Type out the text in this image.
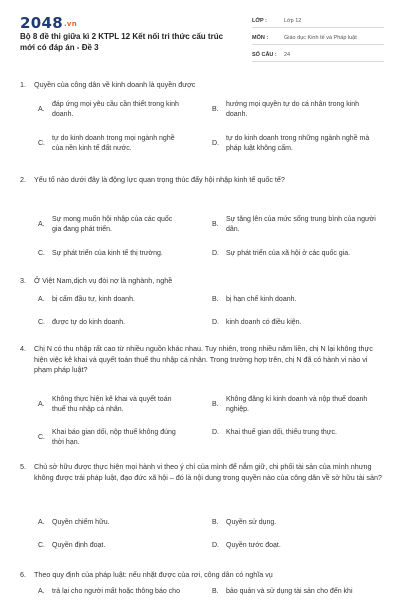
2048.vn
Bộ 8 đề thi giữa kì 2 KTPL 12 Kết nối tri thức cấu trúc mới có đáp án - Đề 3
LỚP :	Lớp 12
MÔN :	Giáo dục Kinh tế và Pháp luật
SỐ CÂU :	24
1.	Quyền của công dân về kinh doanh là quyền được
A.
đáp ứng mọi yêu cầu cần thiết trong kinh doanh.
B.
hướng mọi quyền tự do cá nhân trong kinh doanh.
C.
tự do kinh doanh trong mọi ngành nghề của nền kinh tế đất nước.
D.
tự do kinh doanh trong những ngành nghề mà pháp luật không cấm.
2.	Yếu tố nào dưới đây là động lực quan trọng thúc đẩy hội nhập kinh tế quốc tế?
A.
Sự mong muốn hội nhập của các quốc gia đang phát triển.
B.
Sự tăng lên của mức sống trung bình của người dân.
C.	Sự phát triển của kinh tế thị trường.	D.	Sự phát triển của xã hội ở các quốc gia.
3.	Ở Việt Nam,dịch vụ đòi nợ là nghành, nghề
A.	bị cấm đầu tư, kinh doanh.	B.	bị hạn chế kinh doanh.
C.	được tự do kinh doanh.	D.	kinh doanh có điều kiện.
4.	Chị N có thu nhập rất cao từ nhiều nguồn khác nhau. Tuy nhiên, trong nhiều năm liền, chị N lại không thực hiện việc kê khai và quyết toán thuế thu nhập cá nhân. Trong trường hợp trên, chị N đã có hành vi nào vi phạm pháp luật?
A.
Không thực hiện kê khai và quyết toán thuế thu nhập cá nhân.
B.
Không đăng kí kinh doanh và nộp thuế doanh nghiệp.
C.
Khai báo gian dối, nộp thuế không đúng thời hạn.
D.	Khai thuế gian dối, thiếu trung thực.
5.	Chủ sở hữu được thực hiện mọi hành vi theo ý chí của mình để nắm giữ, chi phối tài sản của mình nhưng không được trái pháp luật, đạo đức xã hội – đó là nội dung trong quyền nào của công dân về sở hữu tài sản?
A.	Quyền chiếm hữu.	B.	Quyền sử dụng.
C.	Quyền định đoạt.	D.	Quyền tước đoạt.
6.	Theo quy định của pháp luật: nếu nhặt được của rơi, công dân có nghĩa vụ
A.	trả lại cho người mất hoặc thông báo cho	B.	bảo quản và sử dụng tài sản cho đến khi
